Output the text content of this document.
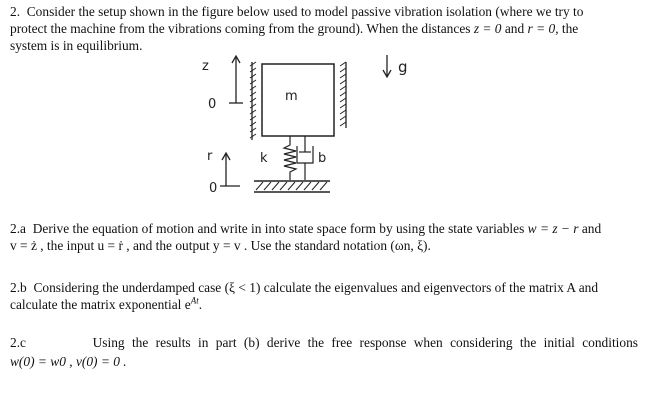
2. Consider the setup shown in the figure below used to model passive vibration isolation (where we try to
protect the machine from the vibrations coming from the ground). When the distances z = 0 and r = 0, the
system is in equilibrium.
z
0
m
g
k	b
r
0
2.a Derive the equation of motion and write in into state space form by using the state variables w = z − r and
v = ż , the input u = ṙ , and the output y = v . Use the standard notation (ωn, ξ).
2.b Considering the underdamped case (ξ < 1) calculate the eigenvalues and eigenvectors of the matrix A and
calculate the matrix exponential $e^{At}$.
2.c	Using the results in part (b) derive the free response when considering the initial conditions
w(0) = w0 , v(0) = 0 .
